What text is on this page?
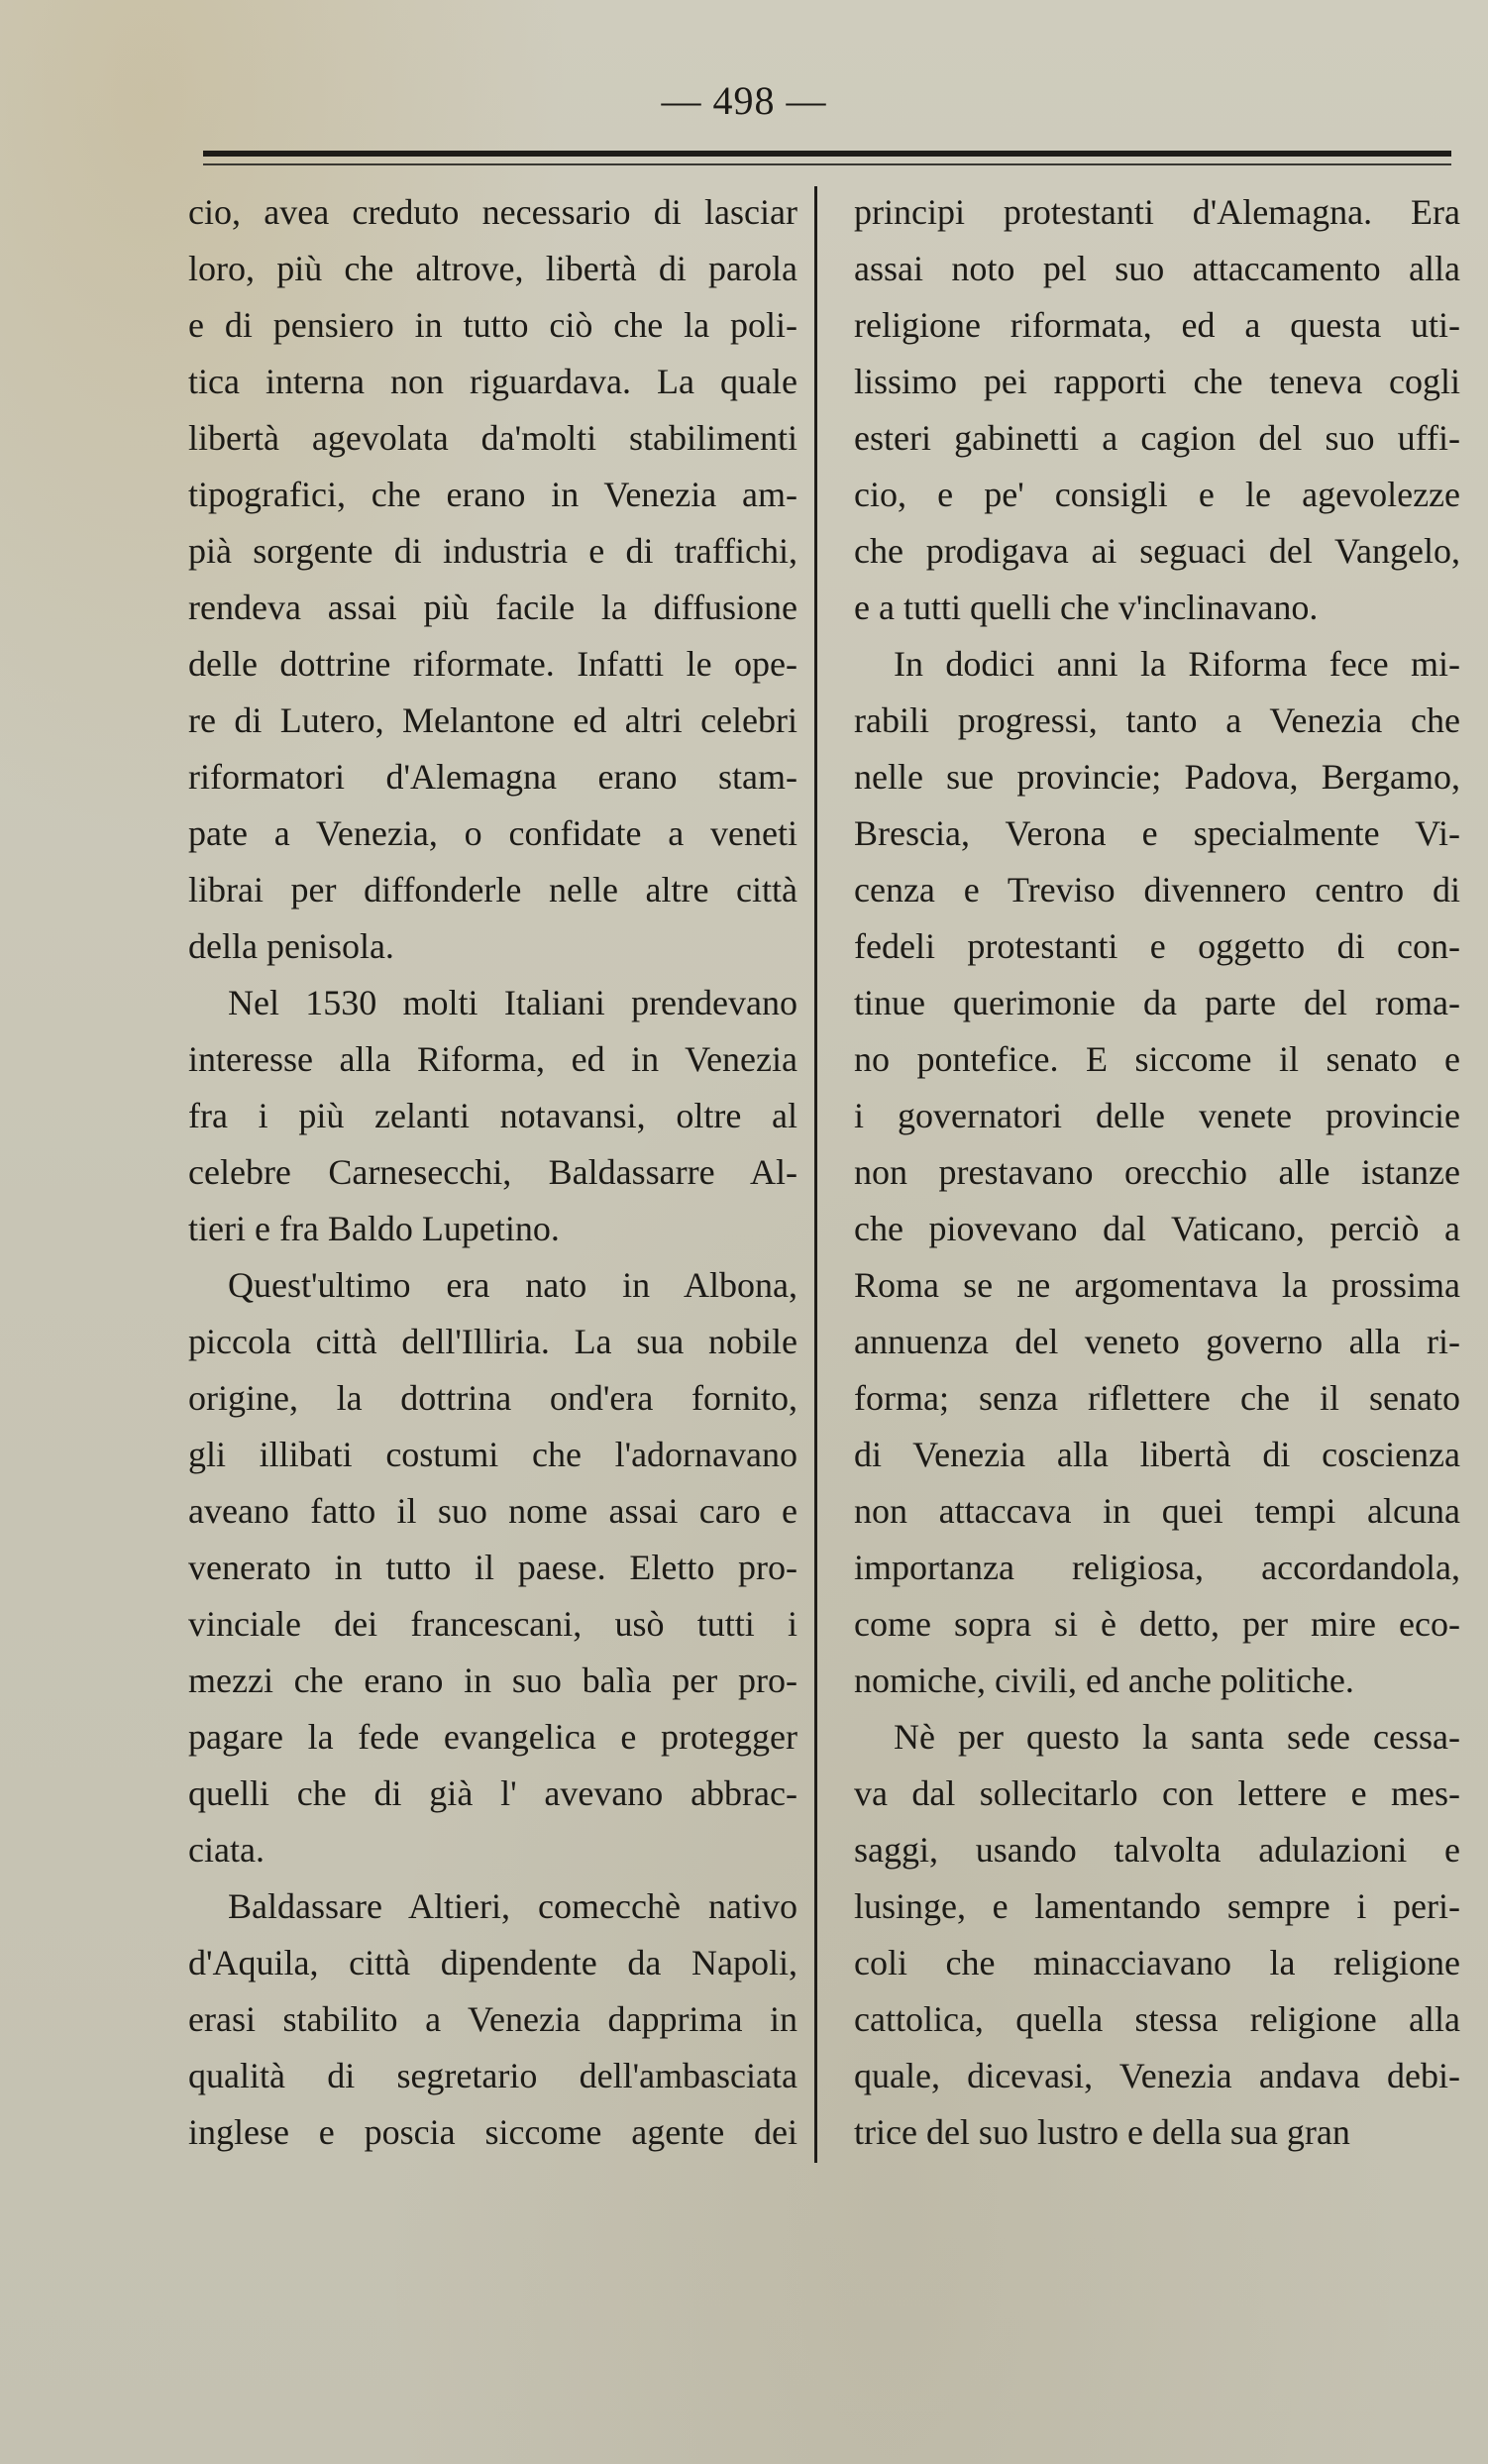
— 498 —
cio, avea creduto necessario di lasciar
loro, più che altrove, libertà di parola
e di pensiero in tutto ciò che la poli-
tica interna non riguardava. La quale
libertà agevolata da'molti stabilimenti
tipografici, che erano in Venezia am-
pià sorgente di industria e di traffichi,
rendeva assai più facile la diffusione
delle dottrine riformate. Infatti le ope-
re di Lutero, Melantone ed altri celebri
riformatori d'Alemagna erano stam-
pate a Venezia, o confidate a veneti
librai per diffonderle nelle altre città
della penisola.
Nel 1530 molti Italiani prendevano
interesse alla Riforma, ed in Venezia
fra i più zelanti notavansi, oltre al
celebre Carnesecchi, Baldassarre Al-
tieri e fra Baldo Lupetino.
Quest'ultimo era nato in Albona,
piccola città dell'Illiria. La sua nobile
origine, la dottrina ond'era fornito,
gli illibati costumi che l'adornavano
aveano fatto il suo nome assai caro e
venerato in tutto il paese. Eletto pro-
vinciale dei francescani, usò tutti i
mezzi che erano in suo balìa per pro-
pagare la fede evangelica e protegger
quelli che di già l' avevano abbrac-
ciata.
Baldassare Altieri, comecchè nativo
d'Aquila, città dipendente da Napoli,
erasi stabilito a Venezia dapprima in
qualità di segretario dell'ambasciata
inglese e poscia siccome agente dei
principi protestanti d'Alemagna. Era
assai noto pel suo attaccamento alla
religione riformata, ed a questa uti-
lissimo pei rapporti che teneva cogli
esteri gabinetti a cagion del suo uffi-
cio, e pe' consigli e le agevolezze
che prodigava ai seguaci del Vangelo,
e a tutti quelli che v'inclinavano.
In dodici anni la Riforma fece mi-
rabili progressi, tanto a Venezia che
nelle sue provincie; Padova, Bergamo,
Brescia, Verona e specialmente Vi-
cenza e Treviso divennero centro di
fedeli protestanti e oggetto di con-
tinue querimonie da parte del roma-
no pontefice. E siccome il senato e
i governatori delle venete provincie
non prestavano orecchio alle istanze
che piovevano dal Vaticano, perciò a
Roma se ne argomentava la prossima
annuenza del veneto governo alla ri-
forma; senza riflettere che il senato
di Venezia alla libertà di coscienza
non attaccava in quei tempi alcuna
importanza religiosa, accordandola,
come sopra si è detto, per mire eco-
nomiche, civili, ed anche politiche.
Nè per questo la santa sede cessa-
va dal sollecitarlo con lettere e mes-
saggi, usando talvolta adulazioni e
lusinge, e lamentando sempre i peri-
coli che minacciavano la religione
cattolica, quella stessa religione alla
quale, dicevasi, Venezia andava debi-
trice del suo lustro e della sua gran
